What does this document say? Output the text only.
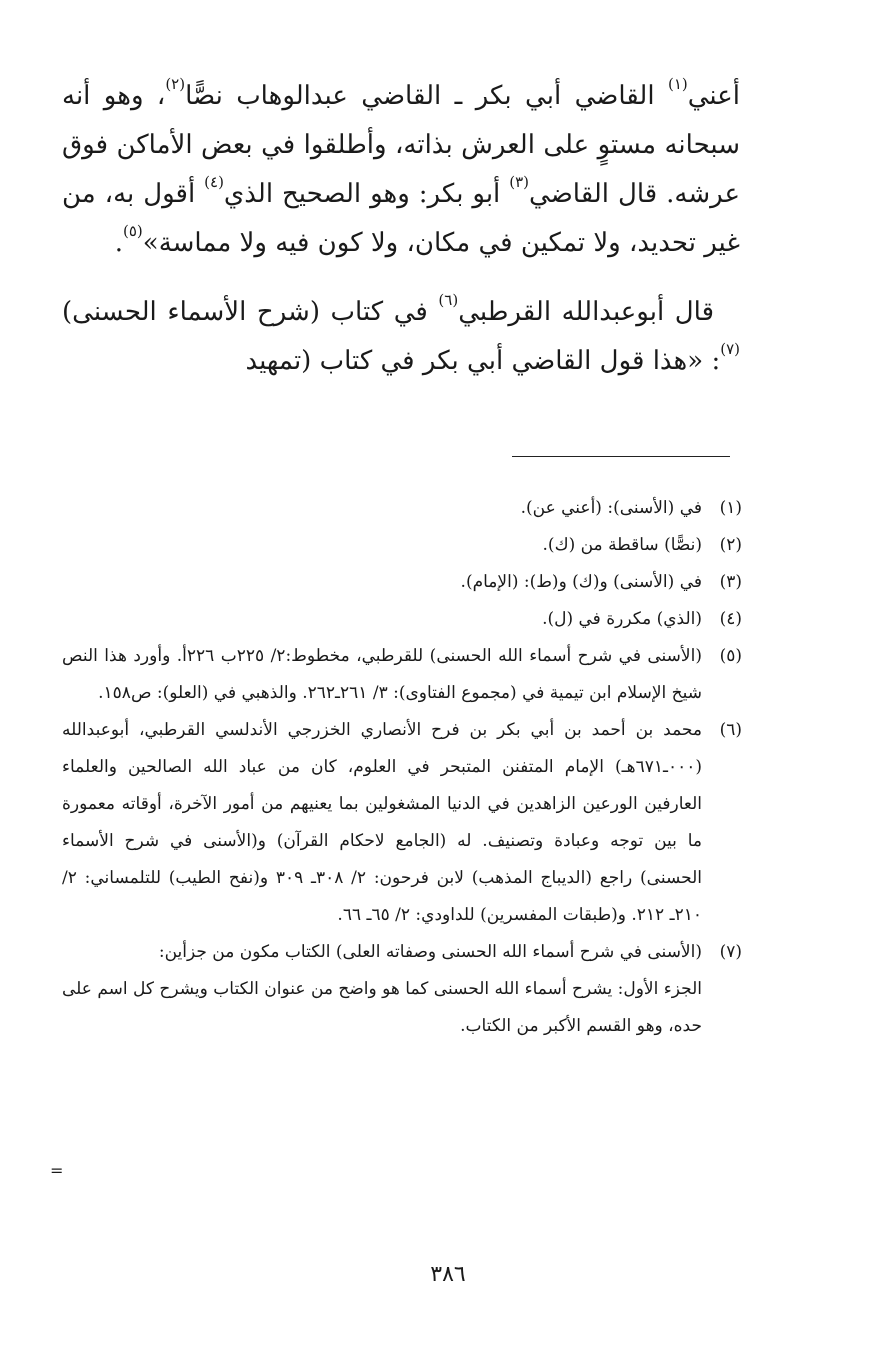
أعني$^{(١)}$ القاضي أبي بكر ـ القاضي عبدالوهاب نصًّا$^{(٢)}$، وهو أنه سبحانه مستوٍ على العرش بذاته، وأطلقوا في بعض الأماكن فوق عرشه. قال القاضي$^{(٣)}$ أبو بكر: وهو الصحيح الذي$^{(٤)}$ أقول به، من غير تحديد، ولا تمكين في مكان، ولا كون فيه ولا مماسة»$^{(٥)}$.

قال أبوعبدالله القرطبي$^{(٦)}$ في كتاب (شرح الأسماء الحسنى)$^{(٧)}$: «هذا قول القاضي أبي بكر في كتاب (تمهيد

(١)
في (الأسنى): (أعني عن).
(٢)
(نصًّا) ساقطة من (ك).
(٣)
في (الأسنى) و(ك) و(ط): (الإمام).
(٤)
(الذي) مكررة في (ل).
(٥)
(الأسنى في شرح أسماء الله الحسنى) للقرطبي، مخطوط:٢/ ٢٢٥ب ٢٢٦أ. وأورد هذا النص شيخ الإسلام ابن تيمية في (مجموع الفتاوى): ٣/ ٢٦١ـ٢٦٢. والذهبي في (العلو): ص١٥٨.
(٦)
محمد بن أحمد بن أبي بكر بن فرح الأنصاري الخزرجي الأندلسي القرطبي، أبوعبدالله (٠٠٠ـ٦٧١هـ) الإمام المتفنن المتبحر في العلوم، كان من عباد الله الصالحين والعلماء العارفين الورعين الزاهدين في الدنيا المشغولين بما يعنيهم من أمور الآخرة، أوقاته معمورة ما بين توجه وعبادة وتصنيف. له (الجامع لاحكام القرآن) و(الأسنى في شرح الأسماء الحسنى) راجع (الديباج المذهب) لابن فرحون: ٢/ ٣٠٨ـ ٣٠٩ و(نفح الطيب) للتلمساني: ٢/ ٢١٠ـ ٢١٢. و(طبقات المفسرين) للداودي: ٢/ ٦٥ـ ٦٦.
(٧)
(الأسنى في شرح أسماء الله الحسنى وصفاته العلى) الكتاب مكون من جزأين:
الجزء الأول: يشرح أسماء الله الحسنى كما هو واضح من عنوان الكتاب ويشرح كل اسم على حده، وهو القسم الأكبر من الكتاب.
=
٣٨٦
